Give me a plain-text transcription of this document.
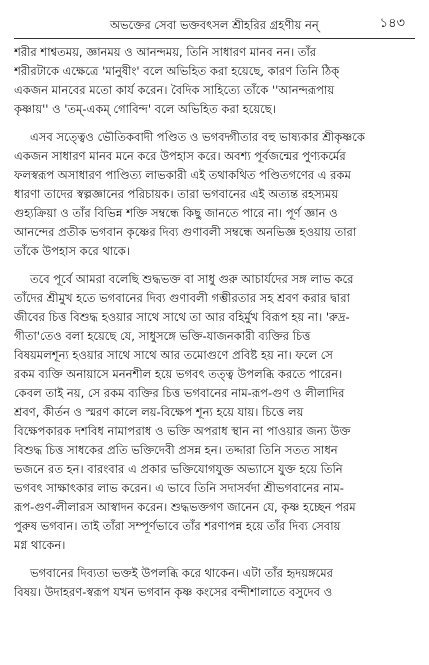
অভক্তের সেবা ভক্তবৎসল শ্রীহরির গ্রহণীয় নন্	১৪৩
শরীর শাশ্বতময়, জ্ঞানময় ও আনন্দময়, তিনি সাধারণ মানব নন। তাঁর
শরীরটাকে এক্ষেত্রে 'মানুষীং' বলে অভিহিত করা হয়েছে, কারণ তিনি ঠিক্
একজন মানবের মতো কার্য করেন। বৈদিক সাহিত্যে তাঁকে ''আনন্দরূপায়
কৃষ্ণায়'' ও 'তম্-একম্ গোবিন্দ' বলে অভিহিত করা হয়েছে।
এসব সত্ত্বেও ভৌতিকবাদী পণ্ডিত ও ভগবদ্গীতার বহু ভাষ্যকার শ্রীকৃষ্ণকে
একজন সাধারণ মানব মনে করে উপহাস করে। অবশ্য পূর্বজন্মের পুণ্যকর্মের
ফলস্বরূপ অসাধারণ পাণ্ডিত্য লাভকারী এই তথাকথিত পণ্ডিতগণের এ রকম
ধারণা তাদের স্বল্পজ্ঞানের পরিচায়ক। তারা ভগবানের এই অত্যন্ত রহস্যময়
গুহ্যক্রিয়া ও তাঁর বিভিন্ন শক্তি সম্বন্ধে কিছু জানতে পারে না। পূর্ণ জ্ঞান ও
আনন্দের প্রতীক ভগবান কৃষ্ণের দিব্য গুণাবলী সম্বন্ধে অনভিজ্ঞ হওয়ায় তারা
তাঁকে উপহাস করে থাকে।
তবে পূর্বে আমরা বলেছি শুদ্ধভক্ত বা সাধু গুরু আচার্যদের সঙ্গ লাভ করে
তাঁদের শ্রীমুখ হতে ভগবানের দিব্য গুণাবলী গম্ভীরতার সহ শ্রবণ করার দ্বারা
জীবের চিত্ত বিশুদ্ধ হওয়ার সাথে সাথে তা আর বহির্মুখ বিরূপ হয় না। 'রুদ্র-
গীতা'তেও বলা হয়েছে যে, সাধুসঙ্গে ভক্তি-যাজনকারী ব্যক্তির চিত্ত
বিষয়মলশূন্য হওয়ার সাথে সাথে আর তমোগুণে প্রবিষ্ট হয় না। ফলে সে
রকম ব্যক্তি অনায়াসে মননশীল হয়ে ভগবৎ তত্ত্ব উপলব্ধি করতে পারেন।
কেবল তাই নয়, সে রকম ব্যক্তির চিত্ত ভগবানের নাম-রূপ-গুণ ও লীলাদির
শ্রবণ, কীর্তন ও স্মরণ কালে লয়-বিক্ষেপ শূন্য হয়ে যায়। চিত্তে লয়
বিক্ষেপকারক দশবিধ নামাপরাধ ও ভক্তি অপরাধ স্থান না পাওয়ার জন্য উক্ত
বিশুদ্ধ চিত্ত সাধকের প্রতি ভক্তিদেবী প্রসন্ন হন। তদ্দারা তিনি সতত সাধন
ভজনে রত হন। বারংবার এ প্রকার ভক্তিযোগযুক্ত অভ্যাসে যুক্ত হয়ে তিনি
ভগবৎ সাক্ষাৎকার লাভ করেন। এ ভাবে তিনি সদাসর্বদা শ্রীভগবানের নাম-
রূপ-গুণ-লীলারস আস্বাদন করেন। শুদ্ধভক্তগণ জানেন যে, কৃষ্ণ হচ্ছেন পরম
পুরুষ ভগবান। তাই তাঁরা সম্পূর্ণভাবে তাঁর শরণাপন্ন হয়ে তাঁর দিব্য সেবায়
মগ্ন থাকেন।
ভগবানের দিব্যতা ভক্তই উপলব্ধি করে থাকেন। এটা তাঁর হৃদয়ঙ্গমের
বিষয়। উদাহরণ-স্বরূপ যখন ভগবান কৃষ্ণ কংসের বন্দীশালাতে বসুদেব ও
